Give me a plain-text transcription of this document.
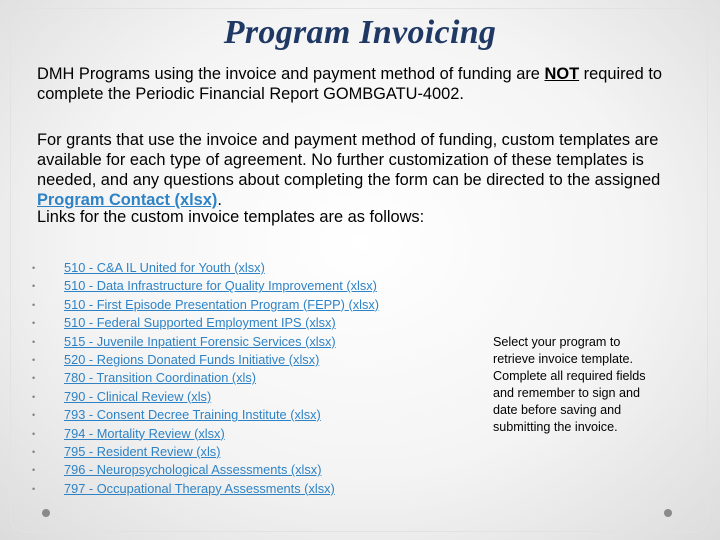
Program Invoicing

DMH Programs using the invoice and payment method of funding are NOT required to complete the Periodic Financial Report GOMBGATU-4002.

For grants that use the invoice and payment method of funding, custom templates are available for each type of agreement. No further customization of these templates is needed, and any questions about completing the form can be directed to the assigned Program Contact (xlsx).

Links for the custom invoice templates are as follows:

•	510 - C&A IL United for Youth (xlsx)
•	510 - Data Infrastructure for Quality Improvement (xlsx)
•	510 - First Episode Presentation Program (FEPP) (xlsx)
•	510 - Federal Supported Employment IPS (xlsx)
•	515 - Juvenile Inpatient Forensic Services (xlsx)
•	520 - Regions Donated Funds Initiative (xlsx)
•	780 - Transition Coordination (xls)
•	790 - Clinical Review (xls)
•	793 - Consent Decree Training Institute (xlsx)
•	794 - Mortality Review (xlsx)
•	795 - Resident Review (xls)
•	796 - Neuropsychological Assessments (xlsx)
•	797 - Occupational Therapy Assessments (xlsx)

Select your program to retrieve invoice template. Complete all required fields and remember to sign and date before saving and submitting the invoice.
